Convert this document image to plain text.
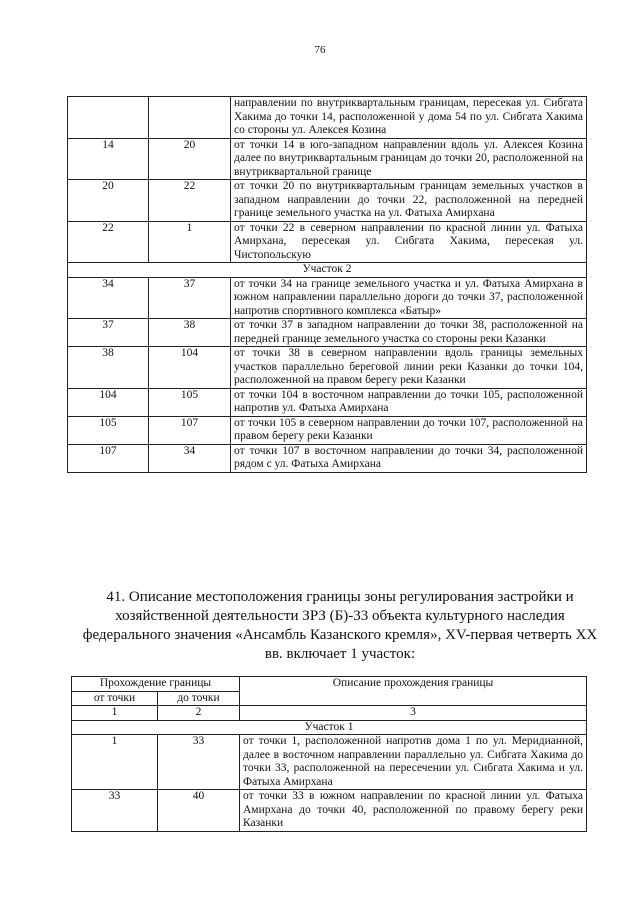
76
		направлении по внутриквартальным границам, пересекая ул. Сибгата Хакима до точки 14, расположенной у дома 54 по ул. Сибгата Хакима со стороны ул. Алексея Козина
14	20	от точки 14 в юго-западном направлении вдоль ул. Алексея Козина далее по внутриквартальным границам до точки 20, расположенной на внутриквартальной границе
20	22	от точки 20 по внутриквартальным границам земельных участков в западном направлении до точки 22, расположенной на передней границе земельного участка на ул. Фатыха Амирхана
22	1	от точки 22 в северном направлении по красной линии ул. Фатыха Амирхана, пересекая ул. Сибгата Хакима, пересекая ул. Чистопольскую
Участок 2		
34	37	от точки 34 на границе земельного участка и ул. Фатыха Амирхана в южном направлении параллельно дороги до точки 37, расположенной напротив спортивного комплекса «Батыр»
37	38	от точки 37 в западном направлении до точки 38, расположенной на передней границе земельного участка со стороны реки Казанки
38	104	от точки 38 в северном направлении вдоль границы земельных участков параллельно береговой линии реки Казанки до точки 104, расположенной на правом берегу реки Казанки
104	105	от точки 104 в восточном направлении до точки 105, расположенной напротив ул. Фатыха Амирхана
105	107	от точки 105 в северном направлении до точки 107, расположенной на правом берегу реки Казанки
107	34	от точки 107 в восточном направлении до точки 34, расположенной рядом с ул. Фатыха Амирхана
41. Описание местоположения границы зоны регулирования застройки и хозяйственной деятельности ЗРЗ (Б)-33 объекта культурного наследия федерального значения «Ансамбль Казанского кремля», XV-первая четверть XX вв. включает 1 участок:
Прохождение границы		Описание прохождения границы
от точки	до точки	
1	2	3
Участок 1		
1	33	от точки 1, расположенной напротив дома 1 по ул. Меридианной, далее в восточном направлении параллельно ул. Сибгата Хакима до точки 33, расположенной на пересечении ул. Сибгата Хакима и ул. Фатыха Амирхана
33	40	от точки 33 в южном направлении по красной линии ул. Фатыха Амирхана до точки 40, расположенной по правому берегу реки Казанки
